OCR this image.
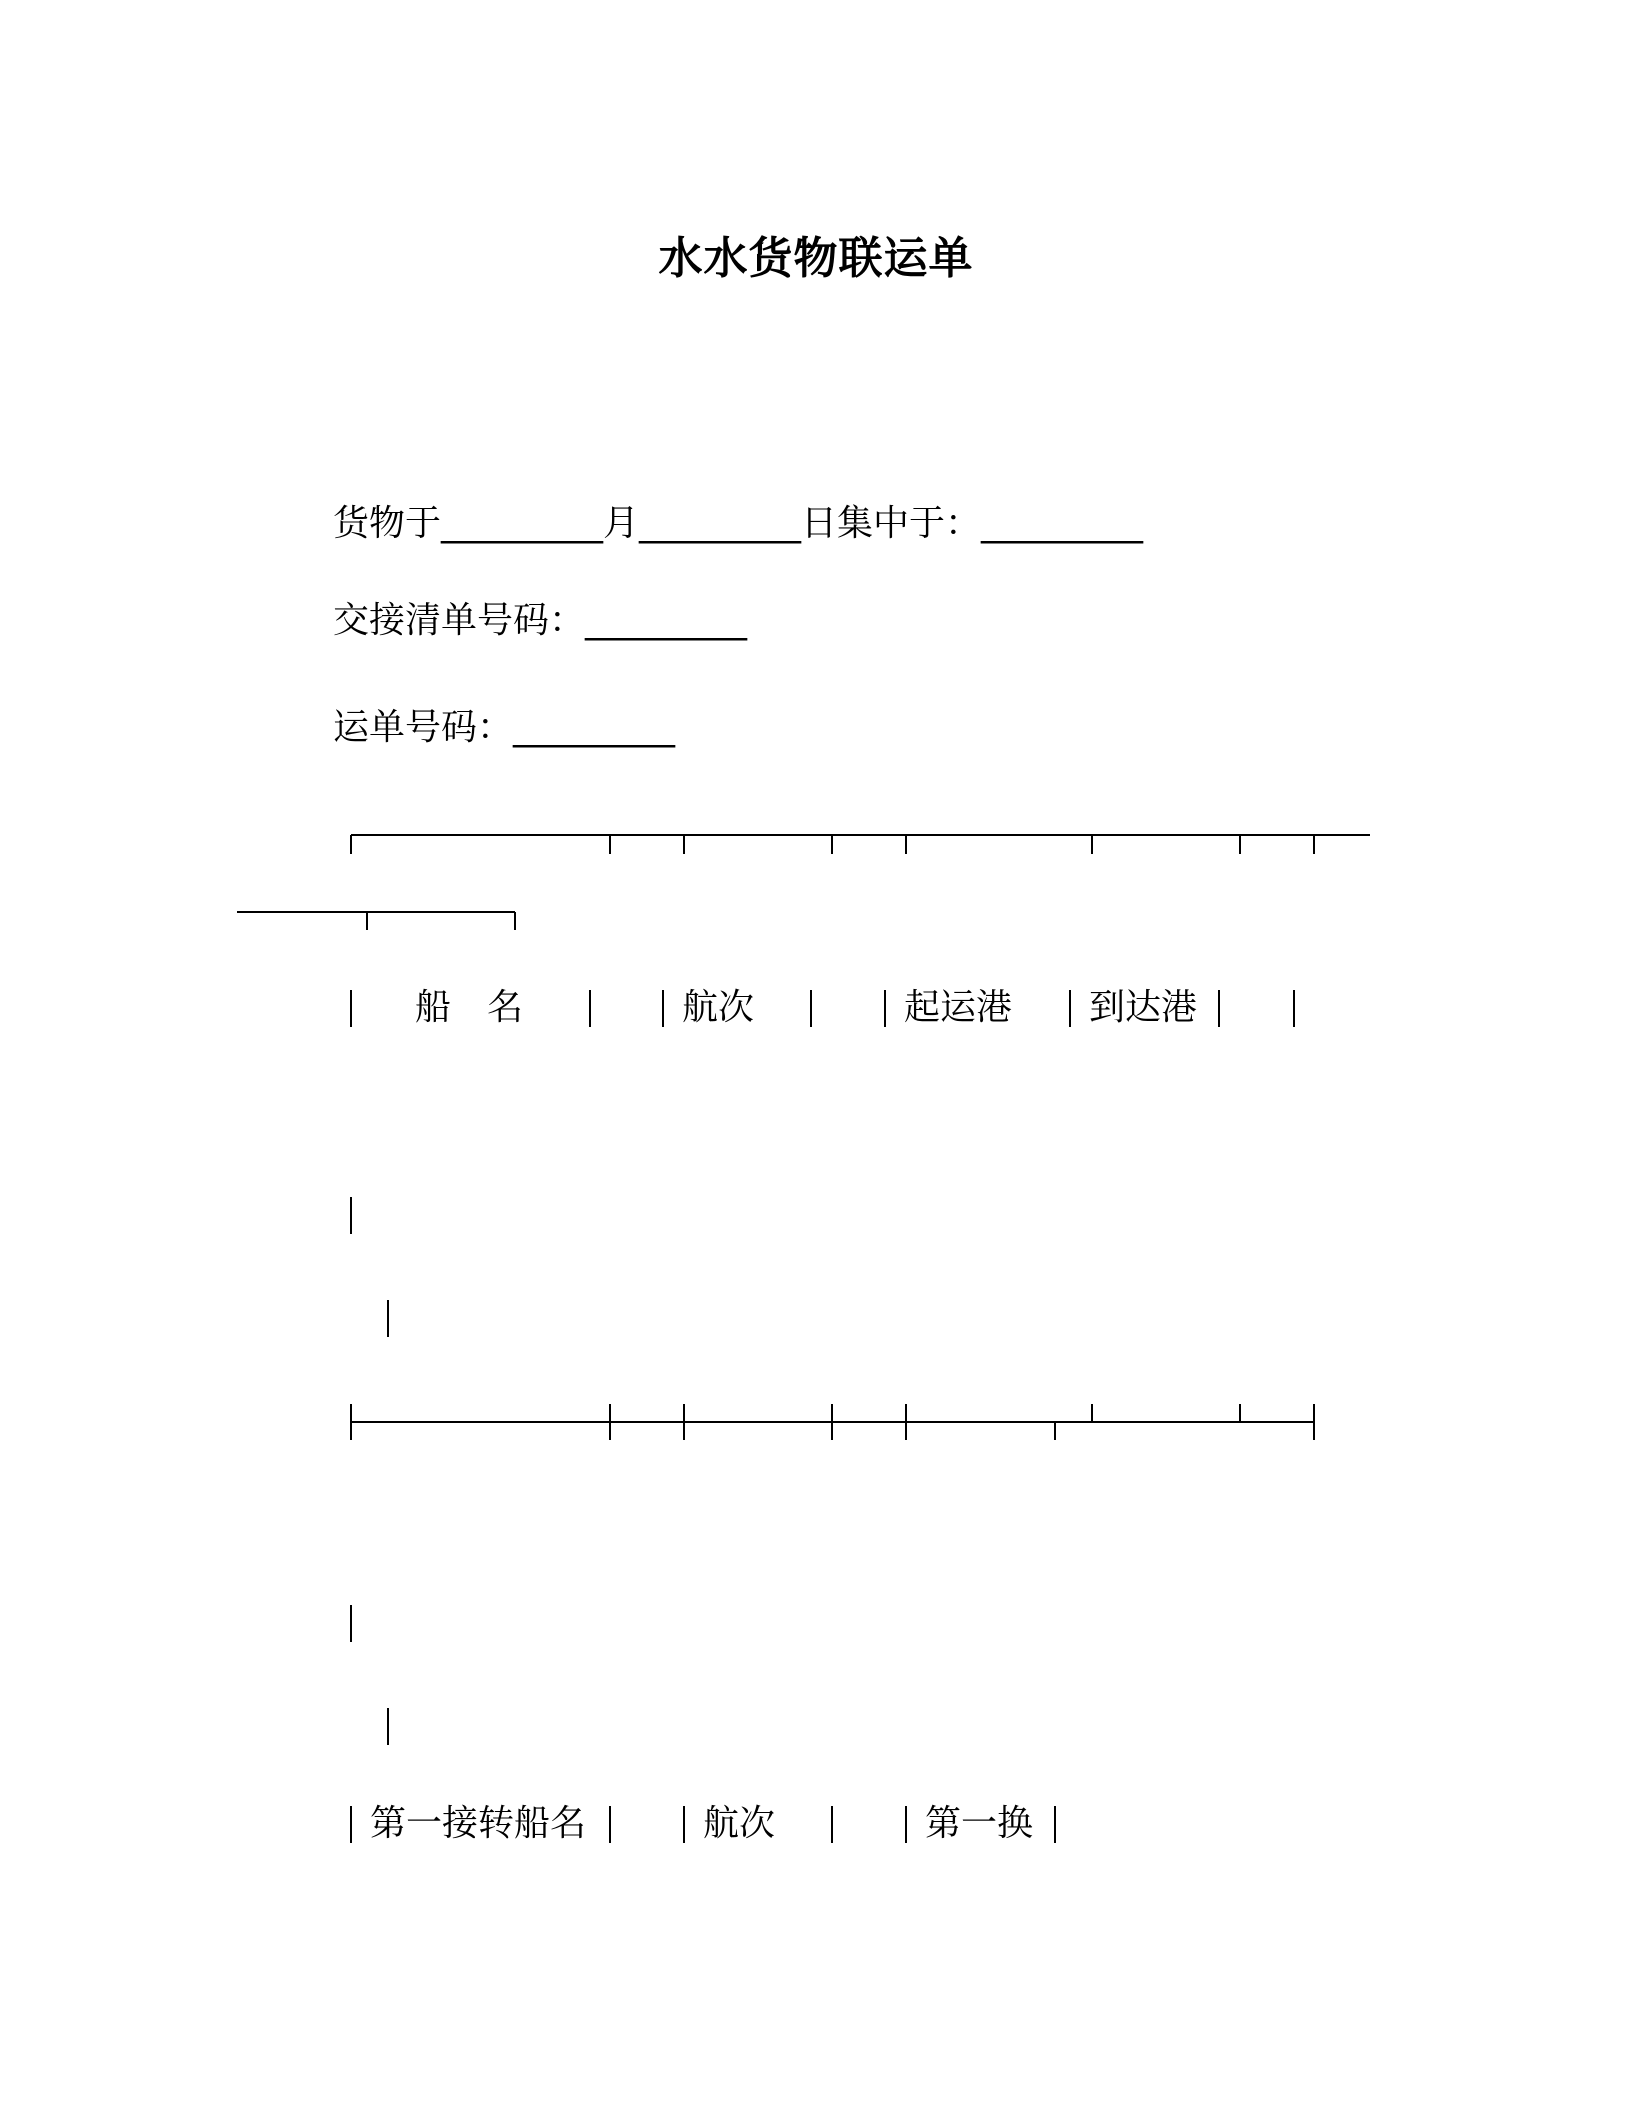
水水货物联运单
货物于_________月_________日集中于：_________
交接清单号码：_________
运单号码：_________
船　名	航次	起运港 到达港
第一接转船名	航次	第一换
